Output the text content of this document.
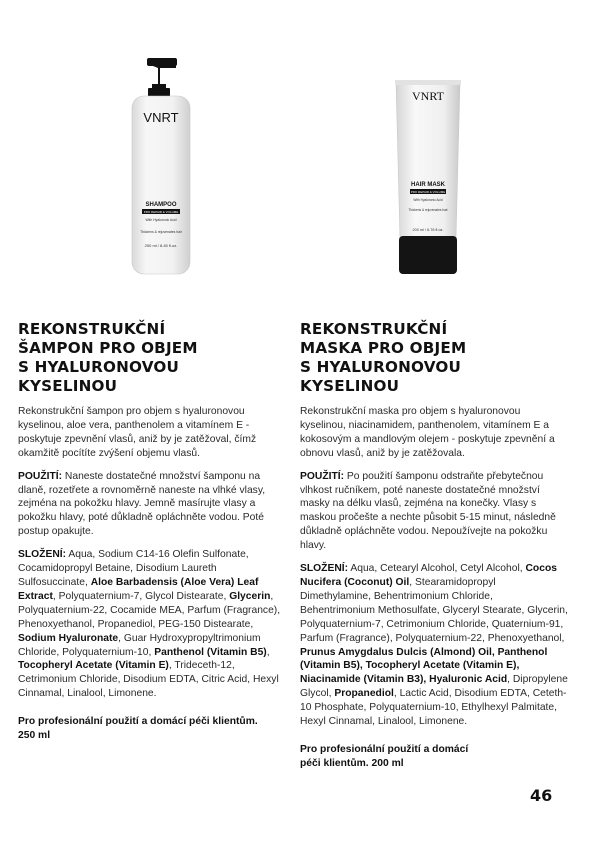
VNRT
SHAMPOO
PRO REPAIR & VOLUME
With Hyaluronic Acid
Thickens & rejuvenates hair
250 ml / 8.45 fl.oz.
VNRT
HAIR MASK
PRO REPAIR & VOLUME
With Hyaluronic Acid
Thickens & rejuvenates hair
200 ml / 6.76 fl.oz.
REKONSTRUKČNÍ
ŠAMPON PRO OBJEM
S HYALURONOVOU
KYSELINOU

Rekonstrukční šampon pro objem s hyaluronovou kyselinou, aloe vera, panthenolem a vitamínem E - poskytuje zpevnění vlasů, aniž by je zatěžoval, čímž okamžitě pocítíte zvýšení objemu vlasů.

POUŽITÍ: Naneste dostatečné množství šamponu na dlaně, rozetřete a rovnoměrně naneste na vlhké vlasy, zejména na pokožku hlavy. Jemně masírujte vlasy a pokožku hlavy, poté důkladně opláchněte vodou. Poté postup opakujte.

SLOŽENÍ: Aqua, Sodium C14-16 Olefin Sulfonate, Cocamidopropyl Betaine, Disodium Laureth Sulfosuccinate, Aloe Barbadensis (Aloe Vera) Leaf Extract, Polyquaternium-7, Glycol Distearate, Glycerin, Polyquaternium-22, Cocamide MEA, Parfum (Fragrance), Phenoxyethanol, Propanediol, PEG-150 Distearate, Sodium Hyaluronate, Guar Hydroxypropyltrimonium Chloride, Polyquaternium-10, Panthenol (Vitamin B5), Tocopheryl Acetate (Vitamin E), Trideceth-12, Cetrimonium Chloride, Disodium EDTA, Citric Acid, Hexyl Cinnamal, Linalool, Limonene.

Pro profesionální použití a domácí péči klientům.
250 ml
REKONSTRUKČNÍ
MASKA PRO OBJEM
S HYALURONOVOU
KYSELINOU

Rekonstrukční maska pro objem s hyaluronovou kyselinou, niacinamidem, panthenolem, vitamínem E a kokosovým a mandlovým olejem - poskytuje zpevnění a obnovu vlasů, aniž by je zatěžovala.

POUŽITÍ: Po použití šamponu odstraňte přebytečnou vlhkost ručníkem, poté naneste dostatečné množství masky na délku vlasů, zejména na konečky. Vlasy s maskou pročešte a nechte působit 5-15 minut, následně důkladně opláchněte vodou. Nepoužívejte na pokožku hlavy.

SLOŽENÍ: Aqua, Cetearyl Alcohol, Cetyl Alcohol, Cocos Nucifera (Coconut) Oil, Stearamidopropyl Dimethylamine, Behentrimonium Chloride, Behentrimonium Methosulfate, Glyceryl Stearate, Glycerin, Polyquaternium-7, Cetrimonium Chloride, Quaternium-91, Parfum (Fragrance), Polyquaternium-22, Phenoxyethanol, Prunus Amygdalus Dulcis (Almond) Oil, Panthenol (Vitamin B5), Tocopheryl Acetate (Vitamin E), Niacinamide (Vitamin B3), Hyaluronic Acid, Dipropylene Glycol, Propanediol, Lactic Acid, Disodium EDTA, Ceteth-10 Phosphate, Polyquaternium-10, Ethylhexyl Palmitate, Hexyl Cinnamal, Linalool, Limonene.

Pro profesionální použití a domácí
péči klientům. 200 ml
46
